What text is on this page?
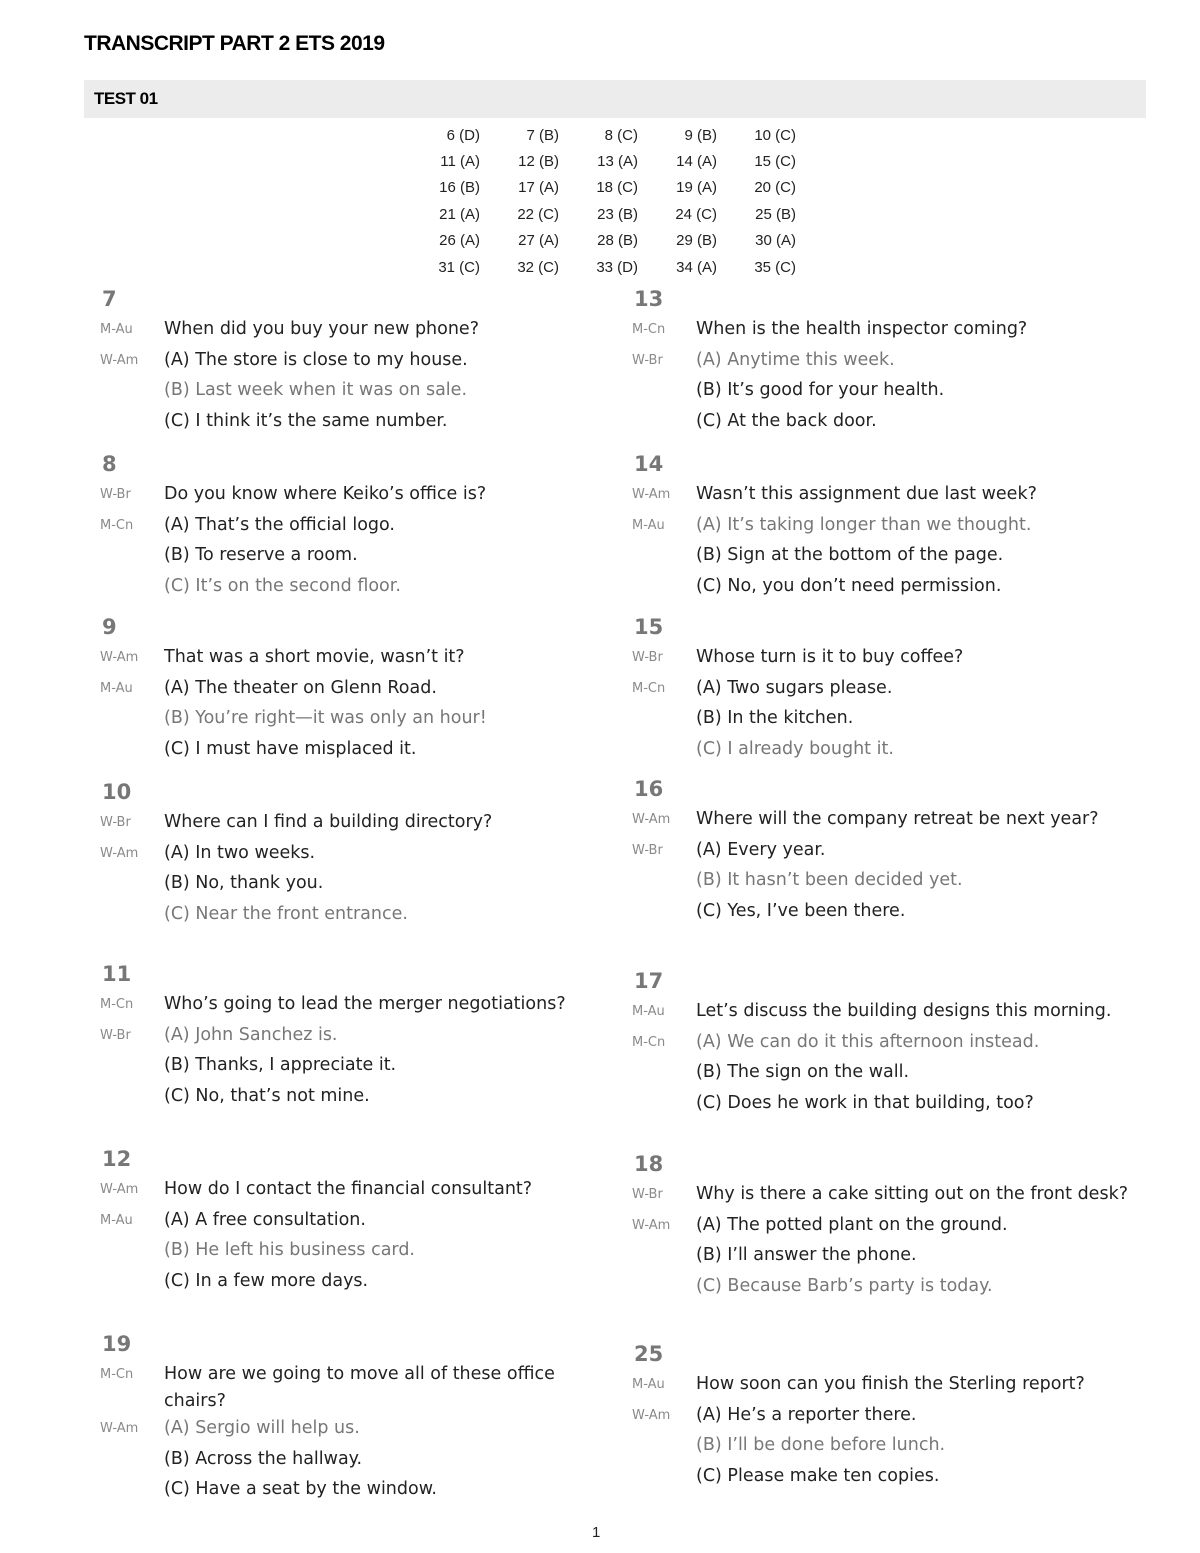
TRANSCRIPT PART 2 ETS 2019
TEST 01
6 (D)	7 (B)	8 (C)	9 (B)	10 (C)
11 (A)	12 (B)	13 (A)	14 (A)	15 (C)
16 (B)	17 (A)	18 (C)	19 (A)	20 (C)
21 (A)	22 (C)	23 (B)	24 (C)	25 (B)
26 (A)	27 (A)	28 (B)	29 (B)	30 (A)
31 (C)	32 (C)	33 (D)	34 (A)	35 (C)
7
M-Au	When did you buy your new phone?
W-Am	(A) The store is close to my house.
(B) Last week when it was on sale.
(C) I think it’s the same number.
8
W-Br	Do you know where Keiko’s office is?
M-Cn	(A) That’s the official logo.
(B) To reserve a room.
(C) It’s on the second floor.
9
W-Am	That was a short movie, wasn’t it?
M-Au	(A) The theater on Glenn Road.
(B) You’re right—it was only an hour!
(C) I must have misplaced it.
10
W-Br	Where can I find a building directory?
W-Am	(A) In two weeks.
(B) No, thank you.
(C) Near the front entrance.
11
M-Cn	Who’s going to lead the merger negotiations?
W-Br	(A) John Sanchez is.
(B) Thanks, I appreciate it.
(C) No, that’s not mine.
12
W-Am	How do I contact the financial consultant?
M-Au	(A) A free consultation.
(B) He left his business card.
(C) In a few more days.
19
M-Cn	How are we going to move all of these office chairs?
W-Am	(A) Sergio will help us.
(B) Across the hallway.
(C) Have a seat by the window.
13
M-Cn	When is the health inspector coming?
W-Br	(A) Anytime this week.
(B) It’s good for your health.
(C) At the back door.
14
W-Am	Wasn’t this assignment due last week?
M-Au	(A) It’s taking longer than we thought.
(B) Sign at the bottom of the page.
(C) No, you don’t need permission.
15
W-Br	Whose turn is it to buy coffee?
M-Cn	(A) Two sugars please.
(B) In the kitchen.
(C) I already bought it.
16
W-Am	Where will the company retreat be next year?
W-Br	(A) Every year.
(B) It hasn’t been decided yet.
(C) Yes, I’ve been there.
17
M-Au	Let’s discuss the building designs this morning.
M-Cn	(A) We can do it this afternoon instead.
(B) The sign on the wall.
(C) Does he work in that building, too?
18
W-Br	Why is there a cake sitting out on the front desk?
W-Am	(A) The potted plant on the ground.
(B) I’ll answer the phone.
(C) Because Barb’s party is today.
25
M-Au	How soon can you finish the Sterling report?
W-Am	(A) He’s a reporter there.
(B) I’ll be done before lunch.
(C) Please make ten copies.
1
